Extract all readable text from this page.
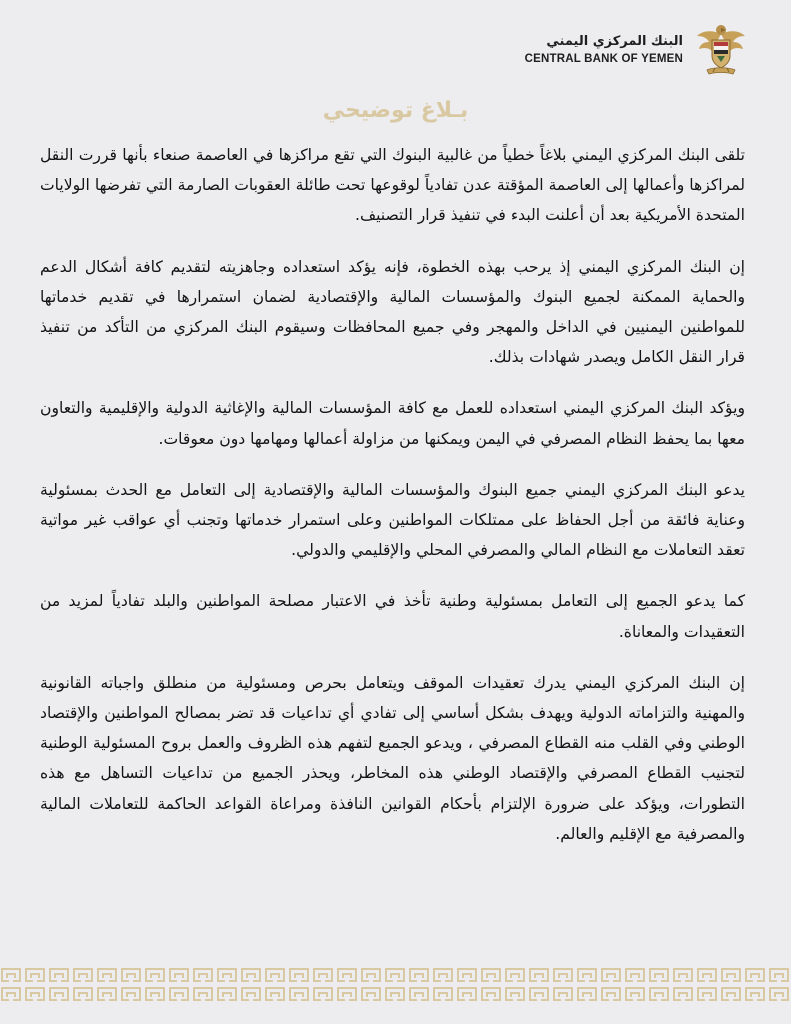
البنك المركزي اليمني
CENTRAL BANK OF YEMEN
بـلاغ توضيحي

تلقى البنك المركزي اليمني بلاغاً خطياً من غالبية البنوك التي تقع مراكزها في العاصمة صنعاء بأنها قررت النقل لمراكزها وأعمالها إلى العاصمة المؤقتة عدن تفادياً لوقوعها تحت طائلة العقوبات الصارمة التي تفرضها الولايات المتحدة الأمريكية بعد أن أعلنت البدء في تنفيذ قرار التصنيف.

إن البنك المركزي اليمني إذ يرحب بهذه الخطوة، فإنه يؤكد استعداده وجاهزيته لتقديم كافة أشكال الدعم والحماية الممكنة لجميع البنوك والمؤسسات المالية والإقتصادية لضمان استمرارها في تقديم خدماتها للمواطنين اليمنيين في الداخل والمهجر وفي جميع المحافظات وسيقوم البنك المركزي من التأكد من تنفيذ قرار النقل الكامل ويصدر شهادات بذلك.

ويؤكد البنك المركزي اليمني استعداده للعمل مع كافة المؤسسات المالية والإغاثية الدولية والإقليمية والتعاون معها بما يحفظ النظام المصرفي في اليمن ويمكنها من مزاولة أعمالها ومهامها دون معوقات.

يدعو البنك المركزي اليمني جميع البنوك والمؤسسات المالية والإقتصادية إلى التعامل مع الحدث بمسئولية وعناية فائقة من أجل الحفاظ على ممتلكات المواطنين وعلى استمرار خدماتها وتجنب أي عواقب غير مواتية تعقد التعاملات مع النظام المالي والمصرفي المحلي والإقليمي والدولي.

كما يدعو الجميع إلى التعامل بمسئولية وطنية تأخذ في الاعتبار مصلحة المواطنين والبلد تفادياً لمزيد من التعقيدات والمعاناة.

إن البنك المركزي اليمني يدرك تعقيدات الموقف ويتعامل بحرص ومسئولية من منطلق واجباته القانونية والمهنية والتزاماته الدولية ويهدف بشكل أساسي إلى تفادي أي تداعيات قد تضر بمصالح المواطنين والإقتصاد الوطني وفي القلب منه القطاع المصرفي ، ويدعو الجميع لتفهم هذه الظروف والعمل بروح المسئولية الوطنية لتجنيب القطاع المصرفي والإقتصاد الوطني هذه المخاطر، ويحذر الجميع من تداعيات التساهل مع هذه التطورات، ويؤكد على ضرورة الإلتزام بأحكام القوانين النافذة ومراعاة القواعد الحاكمة للتعاملات المالية والمصرفية مع الإقليم والعالم.
